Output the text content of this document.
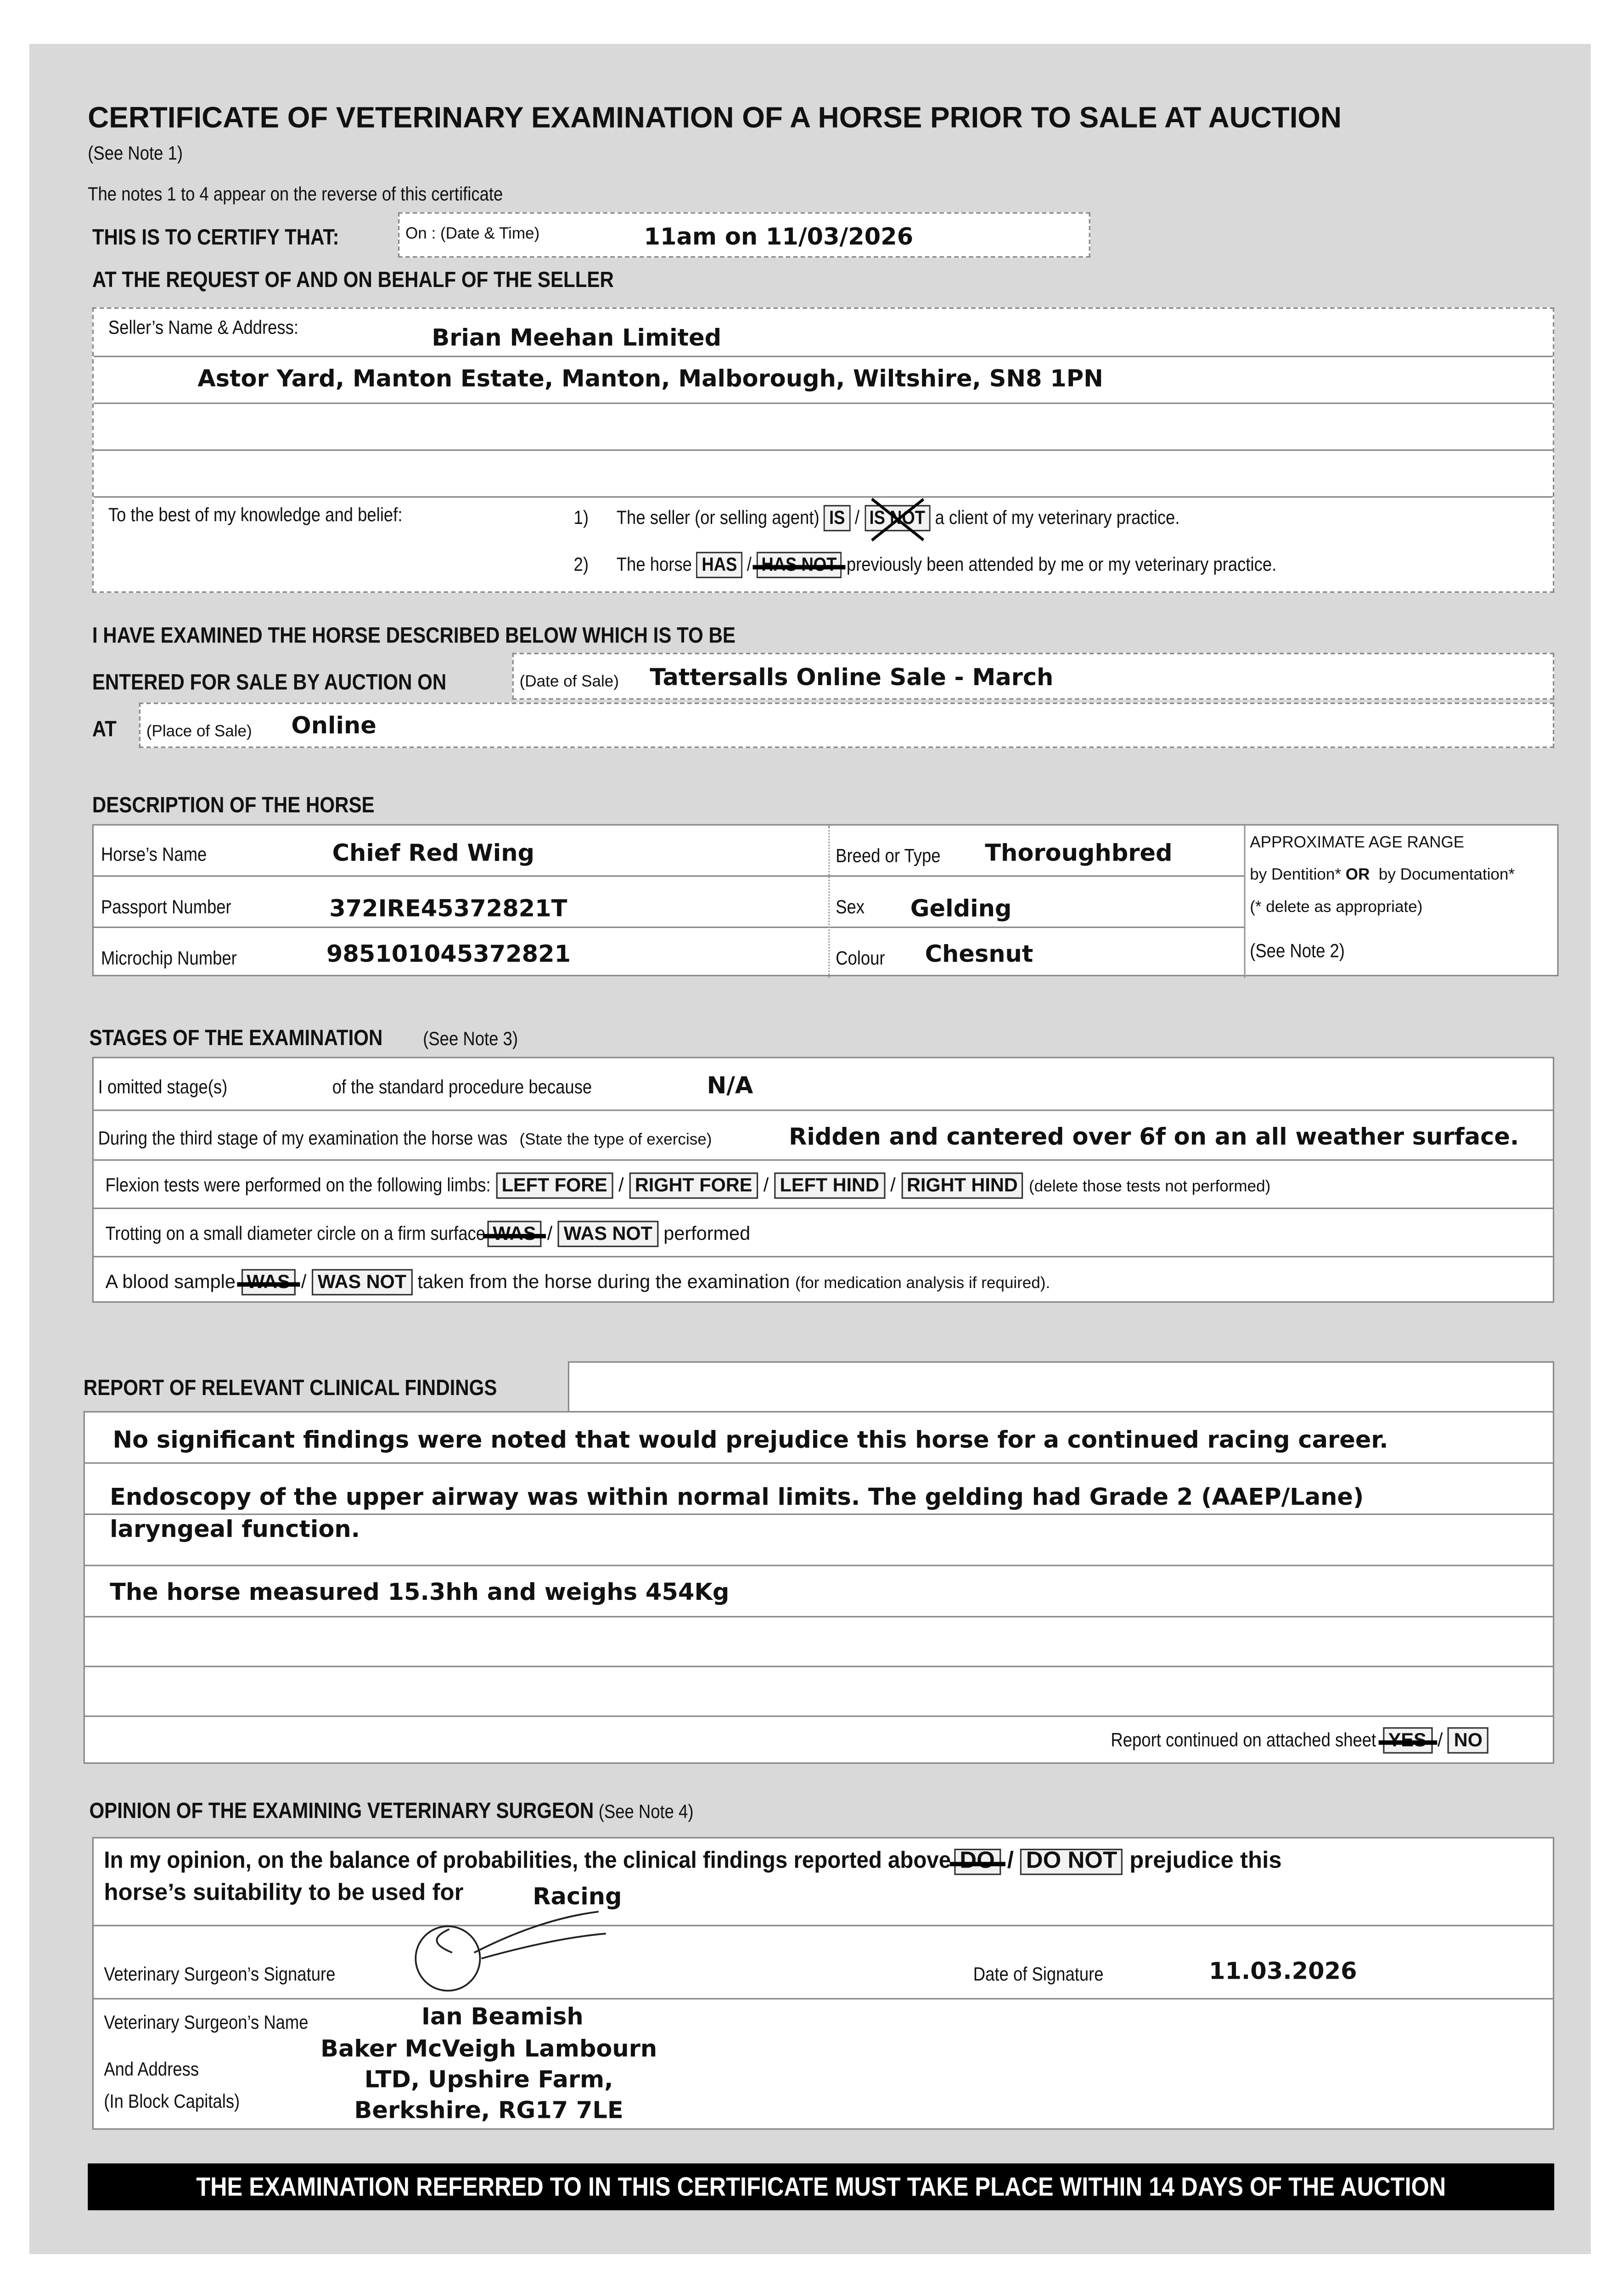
CERTIFICATE OF VETERINARY EXAMINATION OF A HORSE PRIOR TO SALE AT AUCTION
(See Note 1)
The notes 1 to 4 appear on the reverse of this certificate
THIS IS TO CERTIFY THAT:	On : (Date & Time)	11am on 11/03/2026
AT THE REQUEST OF AND ON BEHALF OF THE SELLER
Seller’s Name & Address:	Brian Meehan Limited
Astor Yard, Manton Estate, Manton, Malborough, Wiltshire, SN8 1PN
To the best of my knowledge and belief:	1)	The seller (or selling agent) IS / IS NOT a client of my veterinary practice.
2)	The horse HAS / HAS NOT previously been attended by me or my veterinary practice.
I HAVE EXAMINED THE HORSE DESCRIBED BELOW WHICH IS TO BE
ENTERED FOR SALE BY AUCTION ON	(Date of Sale)	Tattersalls Online Sale - March
AT	(Place of Sale)	Online
DESCRIPTION OF THE HORSE
Horse’s Name	Chief Red Wing
Passport Number	372IRE45372821T
Microchip Number	985101045372821
Breed or Type	Thoroughbred
Sex	Gelding
Colour	Chesnut
APPROXIMATE AGE RANGE
by Dentition* OR by Documentation*
(* delete as appropriate)
(See Note 2)
STAGES OF THE EXAMINATION	(See Note 3)
I omitted stage(s)	of the standard procedure because	N/A
During the third stage of my examination the horse was (State the type of exercise)	Ridden and cantered over 6f on an all weather surface.
Flexion tests were performed on the following limbs: LEFT FORE / RIGHT FORE / LEFT HIND / RIGHT HIND (delete those tests not performed)
Trotting on a small diameter circle on a firm surface WAS / WAS NOT performed
A blood sample WAS / WAS NOT taken from the horse during the examination (for medication analysis if required).
REPORT OF RELEVANT CLINICAL FINDINGS
No significant findings were noted that would prejudice this horse for a continued racing career.
Endoscopy of the upper airway was within normal limits. The gelding had Grade 2 (AAEP/Lane)
laryngeal function.
The horse measured 15.3hh and weighs 454Kg
Report continued on attached sheet YES / NO
OPINION OF THE EXAMINING VETERINARY SURGEON (See Note 4)
In my opinion, on the balance of probabilities, the clinical findings reported above DO / DO NOT prejudice this
horse’s suitability to be used for	Racing
Veterinary Surgeon’s Signature	Date of Signature	11.03.2026
Veterinary Surgeon’s Name	Ian Beamish
And Address
(In Block Capitals)
Baker McVeigh Lambourn
LTD, Upshire Farm,
Berkshire, RG17 7LE
THE EXAMINATION REFERRED TO IN THIS CERTIFICATE MUST TAKE PLACE WITHIN 14 DAYS OF THE AUCTION
